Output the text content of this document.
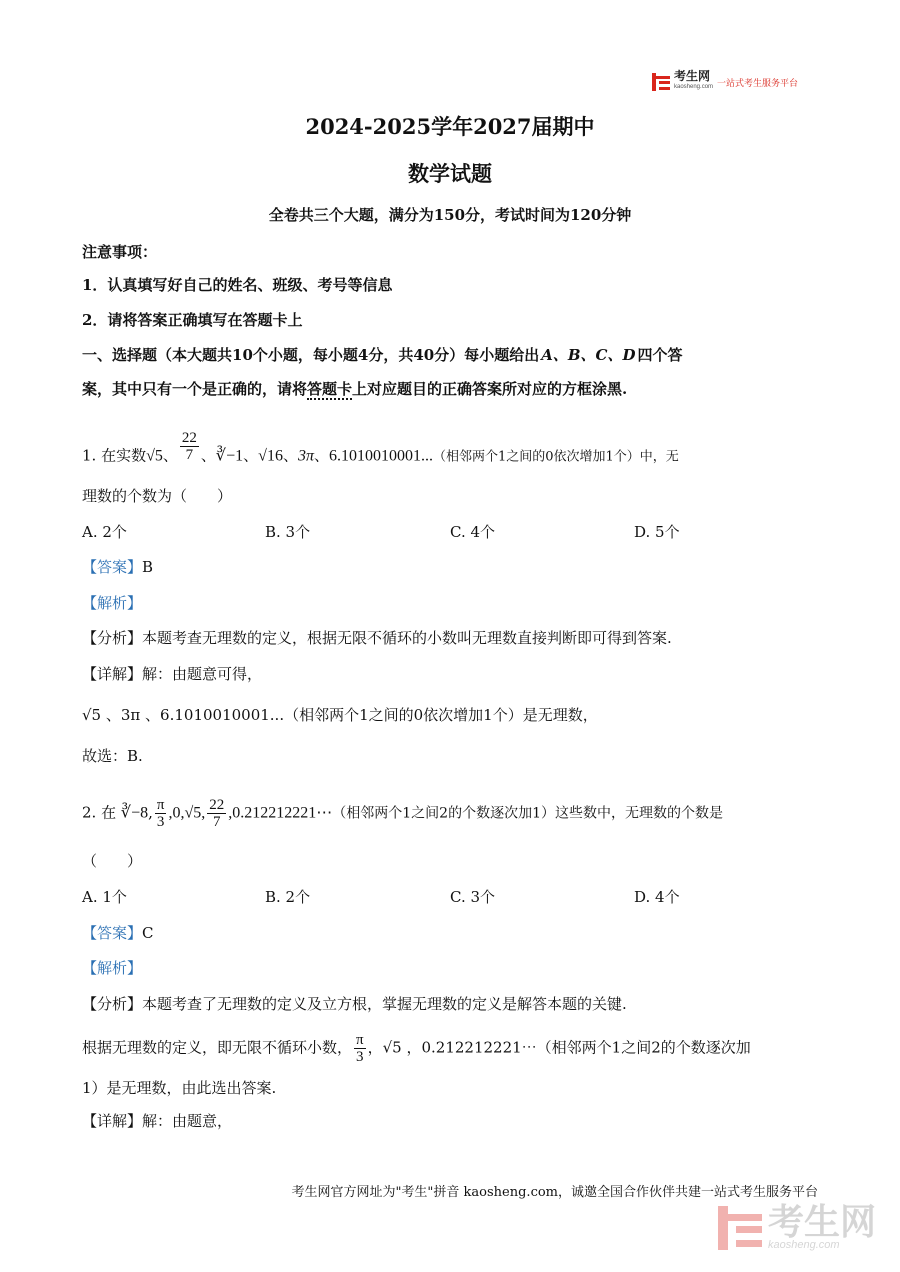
考生网
kaosheng.com 一站式考生服务平台
2024-2025学年2027届期中
数学试题
全卷共三个大题，满分为150分，考试时间为120分钟
注意事项：
1．认真填写好自己的姓名、班级、考号等信息
2．请将答案正确填写在答题卡上
一、选择题（本大题共10个小题，每小题4分，共40分）每小题给出 A、B、C、D 四个答
案，其中只有一个是正确的，请将答题卡上对应题目的正确答案所对应的方框涂黑.
1. 在实数√5、 $\frac{22}{7}$ 、∛−1、√16、3π、6.1010010001...（相邻两个1之间的0依次增加1个）中，无
理数的个数为（　　）
A. 2个	B. 3个	C. 4个	D. 5个
【答案】B
【解析】
【分析】本题考查无理数的定义，根据无限不循环的小数叫无理数直接判断即可得到答案.
【详解】解：由题意可得，
√5 、3π 、6.1010010001...（相邻两个1之间的0依次增加1个）是无理数，
故选：B.
2. 在 ∛−8, $\frac{\pi}{3} ,0,√5$, $\frac{22}{7}$ ,0.212212221⋯（相邻两个1之间2的个数逐次加1）这些数中，无理数的个数是
（　　）
A. 1个	B. 2个	C. 3个	D. 4个
【答案】C
【解析】
【分析】本题考查了无理数的定义及立方根，掌握无理数的定义是解答本题的关键.
根据无理数的定义，即无限不循环小数， $\frac{\pi}{3}$ ，√5 ，0.212212221⋯（相邻两个1之间2的个数逐次加
1）是无理数，由此选出答案.
【详解】解：由题意，
考生网官方网址为"考生"拼音 kaosheng.com，诚邀全国合作伙伴共建一站式考生服务平台
考生网
kaosheng.com
